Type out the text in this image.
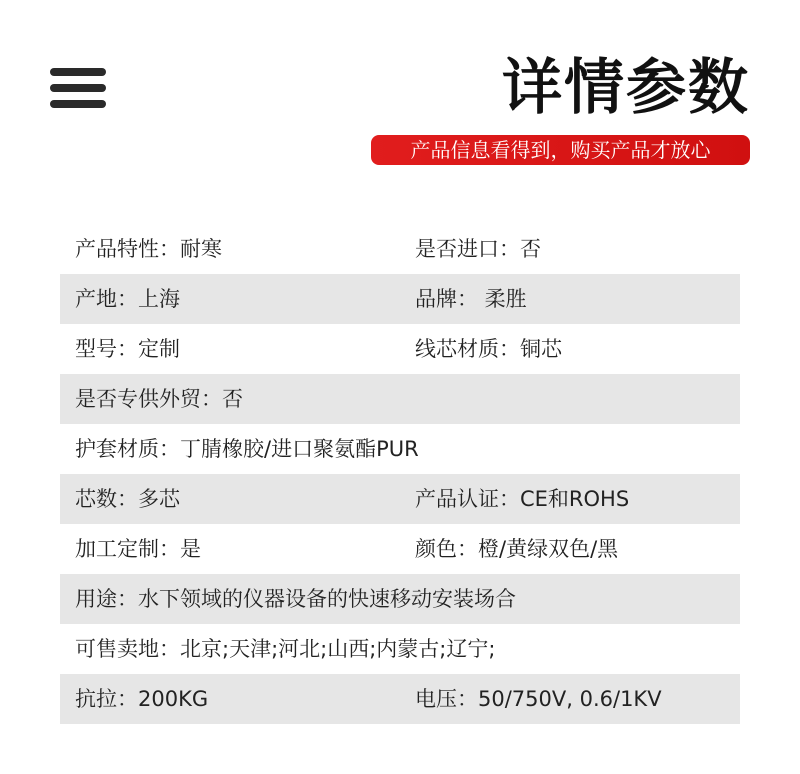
详情参数
产品信息看得到，购买产品才放心
产品特性：耐寒	是否进口：否
产地：上海	品牌： 柔胜
型号：定制	线芯材质：铜芯
是否专供外贸：否
护套材质：丁腈橡胶/进口聚氨酯PUR
芯数：多芯	产品认证：CE和ROHS
加工定制：是	颜色：橙/黄绿双色/黑
用途：水下领域的仪器设备的快速移动安装场合
可售卖地：北京;天津;河北;山西;内蒙古;辽宁;
抗拉：200KG	电压：50/750V, 0.6/1KV
